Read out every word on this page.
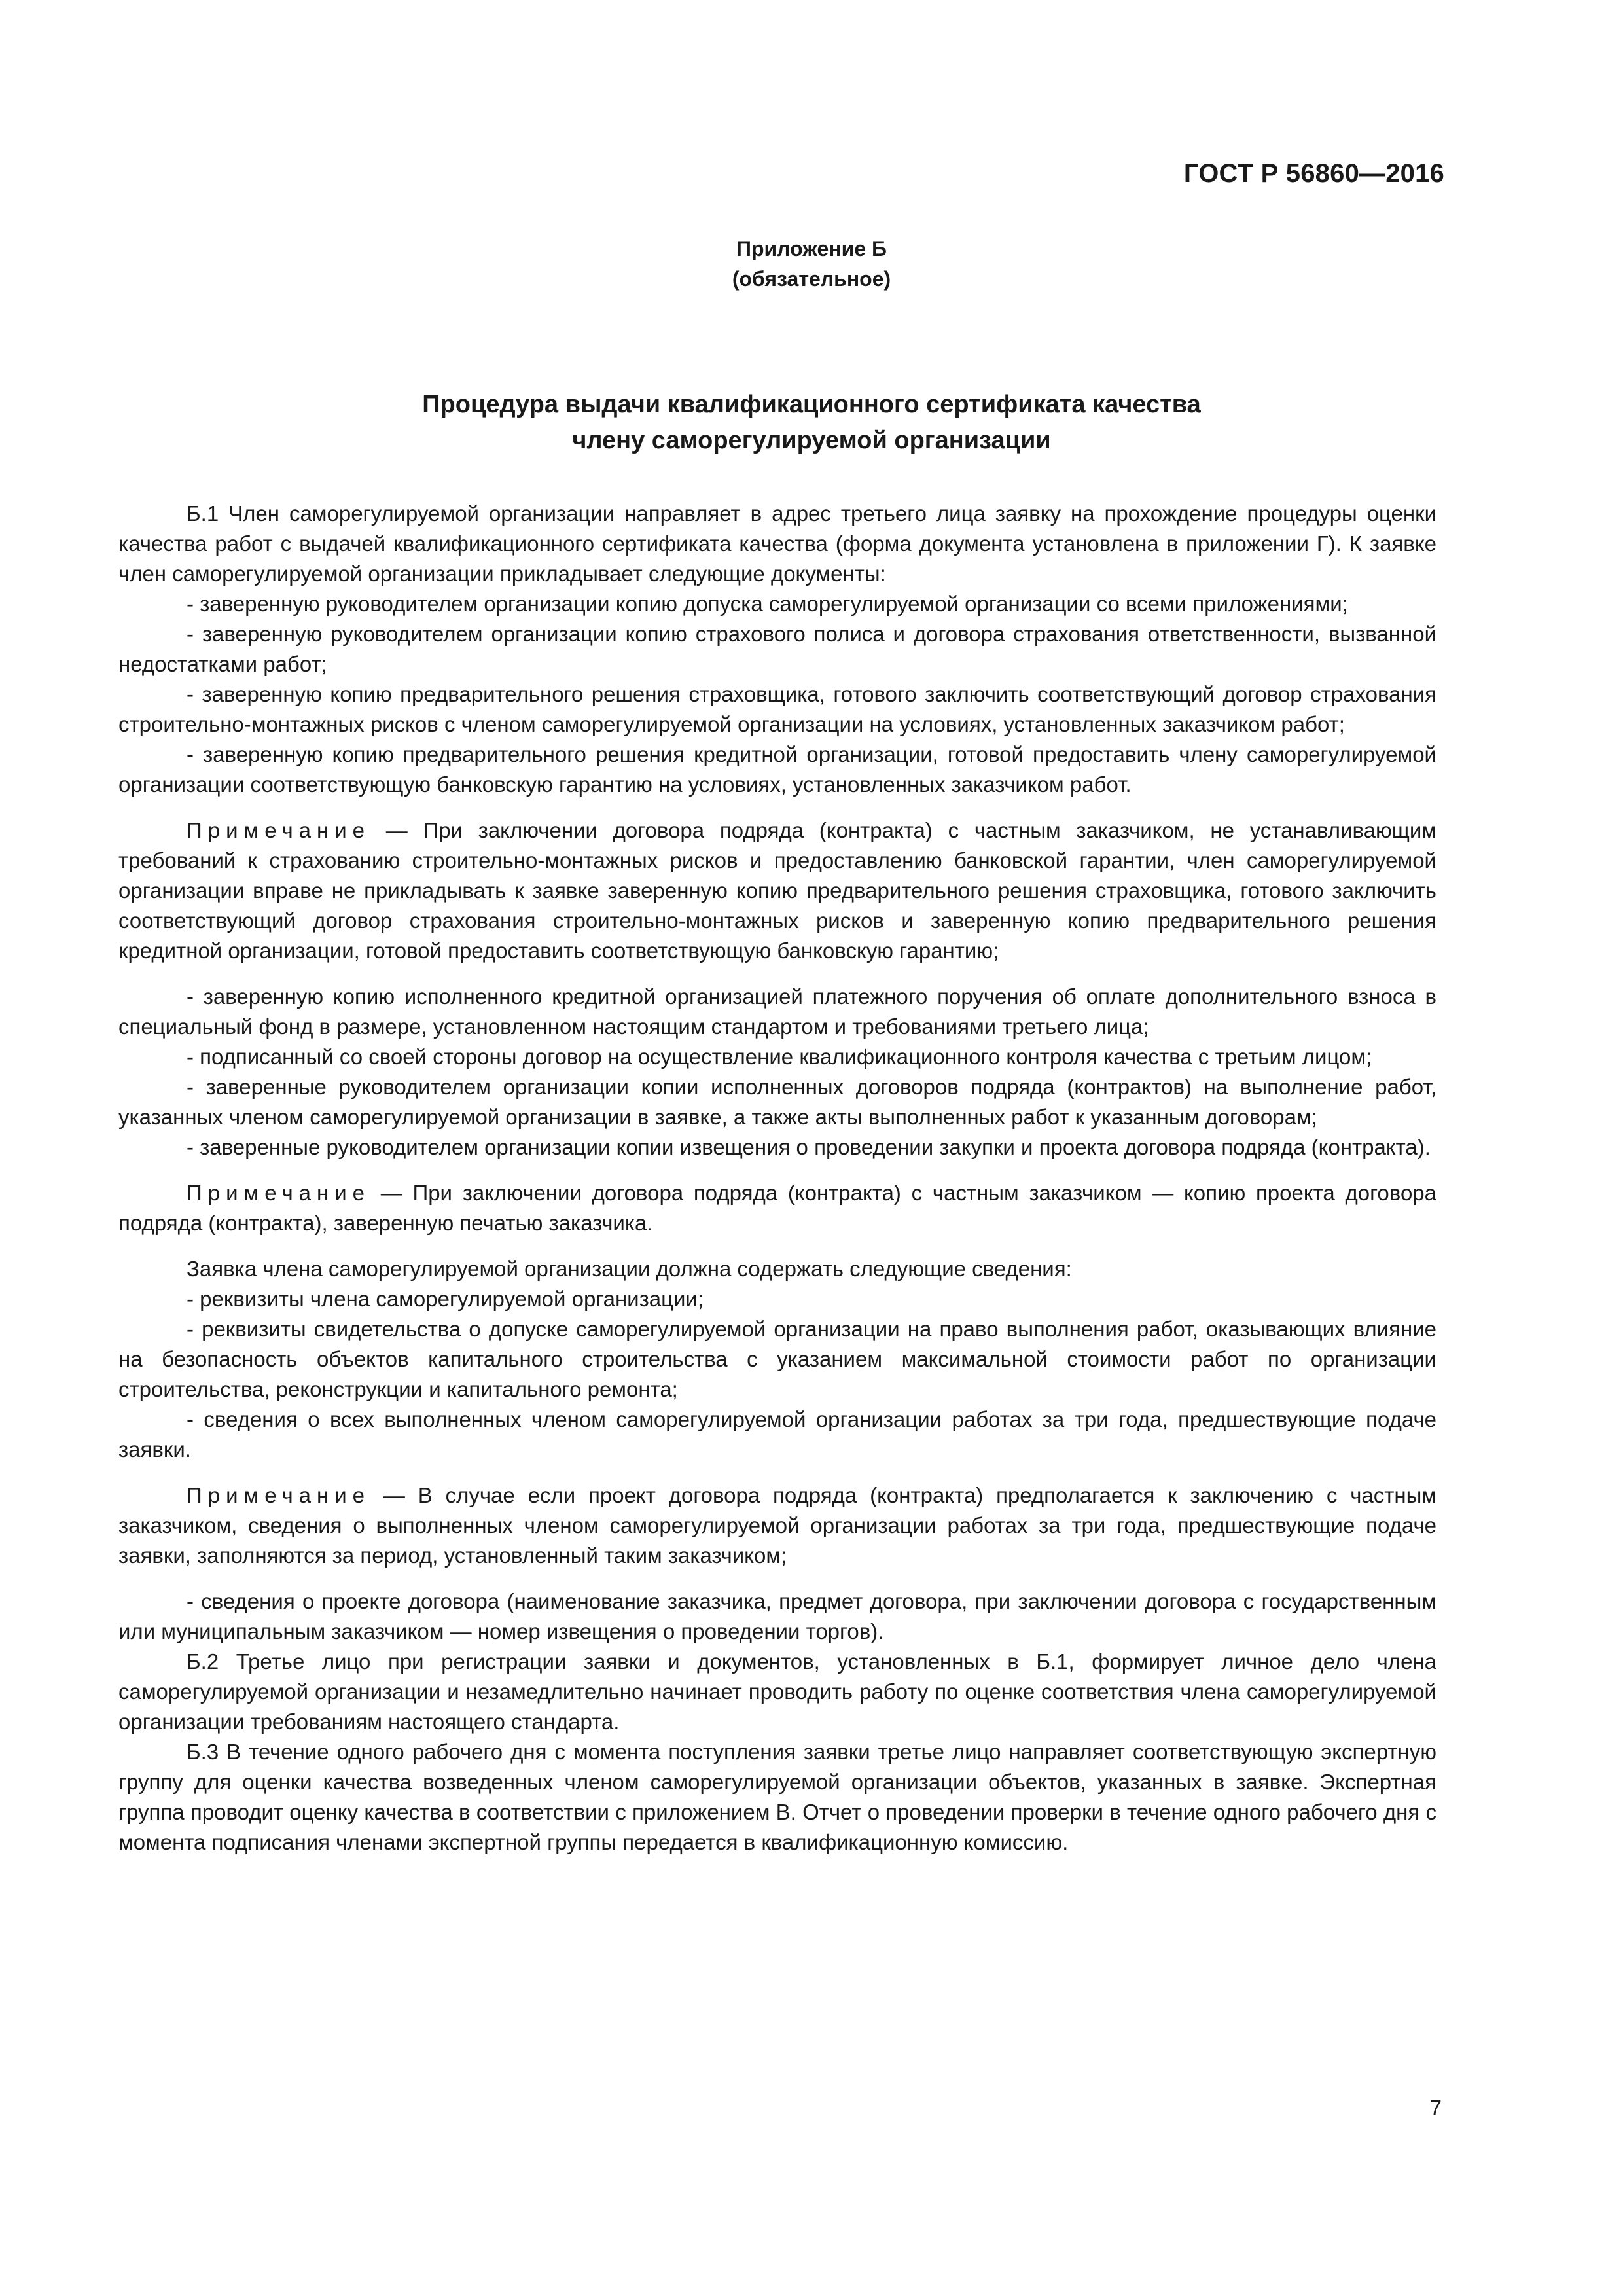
ГОСТ Р 56860—2016
Приложение Б
(обязательное)
Процедура выдачи квалификационного сертификата качества
члену саморегулируемой организации

Б.1 Член саморегулируемой организации направляет в адрес третьего лица заявку на прохождение процедуры оценки качества работ с выдачей квалификационного сертификата качества (форма документа установлена в приложении Г). К заявке член саморегулируемой организации прикладывает следующие документы:

- заверенную руководителем организации копию допуска саморегулируемой организации со всеми приложениями;

- заверенную руководителем организации копию страхового полиса и договора страхования ответственности, вызванной недостатками работ;

- заверенную копию предварительного решения страховщика, готового заключить соответствующий договор страхования строительно-монтажных рисков с членом саморегулируемой организации на условиях, установленных заказчиком работ;

- заверенную копию предварительного решения кредитной организации, готовой предоставить члену саморегулируемой организации соответствующую банковскую гарантию на условиях, установленных заказчиком работ.

Примечание — При заключении договора подряда (контракта) с частным заказчиком, не устанавливающим требований к страхованию строительно-монтажных рисков и предоставлению банковской гарантии, член саморегулируемой организации вправе не прикладывать к заявке заверенную копию предварительного решения страховщика, готового заключить соответствующий договор страхования строительно-монтажных рисков и заверенную копию предварительного решения кредитной организации, готовой предоставить соответствующую банковскую гарантию;

- заверенную копию исполненного кредитной организацией платежного поручения об оплате дополнительного взноса в специальный фонд в размере, установленном настоящим стандартом и требованиями третьего лица;

- подписанный со своей стороны договор на осуществление квалификационного контроля качества с третьим лицом;

- заверенные руководителем организации копии исполненных договоров подряда (контрактов) на выполнение работ, указанных членом саморегулируемой организации в заявке, а также акты выполненных работ к указанным договорам;

- заверенные руководителем организации копии извещения о проведении закупки и проекта договора подряда (контракта).

Примечание — При заключении договора подряда (контракта) с частным заказчиком — копию проекта договора подряда (контракта), заверенную печатью заказчика.

Заявка члена саморегулируемой организации должна содержать следующие сведения:

- реквизиты члена саморегулируемой организации;

- реквизиты свидетельства о допуске саморегулируемой организации на право выполнения работ, оказывающих влияние на безопасность объектов капитального строительства с указанием максимальной стоимости работ по организации строительства, реконструкции и капитального ремонта;

- сведения о всех выполненных членом саморегулируемой организации работах за три года, предшествующие подаче заявки.

Примечание — В случае если проект договора подряда (контракта) предполагается к заключению с частным заказчиком, сведения о выполненных членом саморегулируемой организации работах за три года, предшествующие подаче заявки, заполняются за период, установленный таким заказчиком;

- сведения о проекте договора (наименование заказчика, предмет договора, при заключении договора с государственным или муниципальным заказчиком — номер извещения о проведении торгов).

Б.2 Третье лицо при регистрации заявки и документов, установленных в Б.1, формирует личное дело члена саморегулируемой организации и незамедлительно начинает проводить работу по оценке соответствия члена саморегулируемой организации требованиям настоящего стандарта.

Б.3 В течение одного рабочего дня с момента поступления заявки третье лицо направляет соответствующую экспертную группу для оценки качества возведенных членом саморегулируемой организации объектов, указанных в заявке. Экспертная группа проводит оценку качества в соответствии с приложением В. Отчет о проведении проверки в течение одного рабочего дня с момента подписания членами экспертной группы передается в квалификационную комиссию.

7
